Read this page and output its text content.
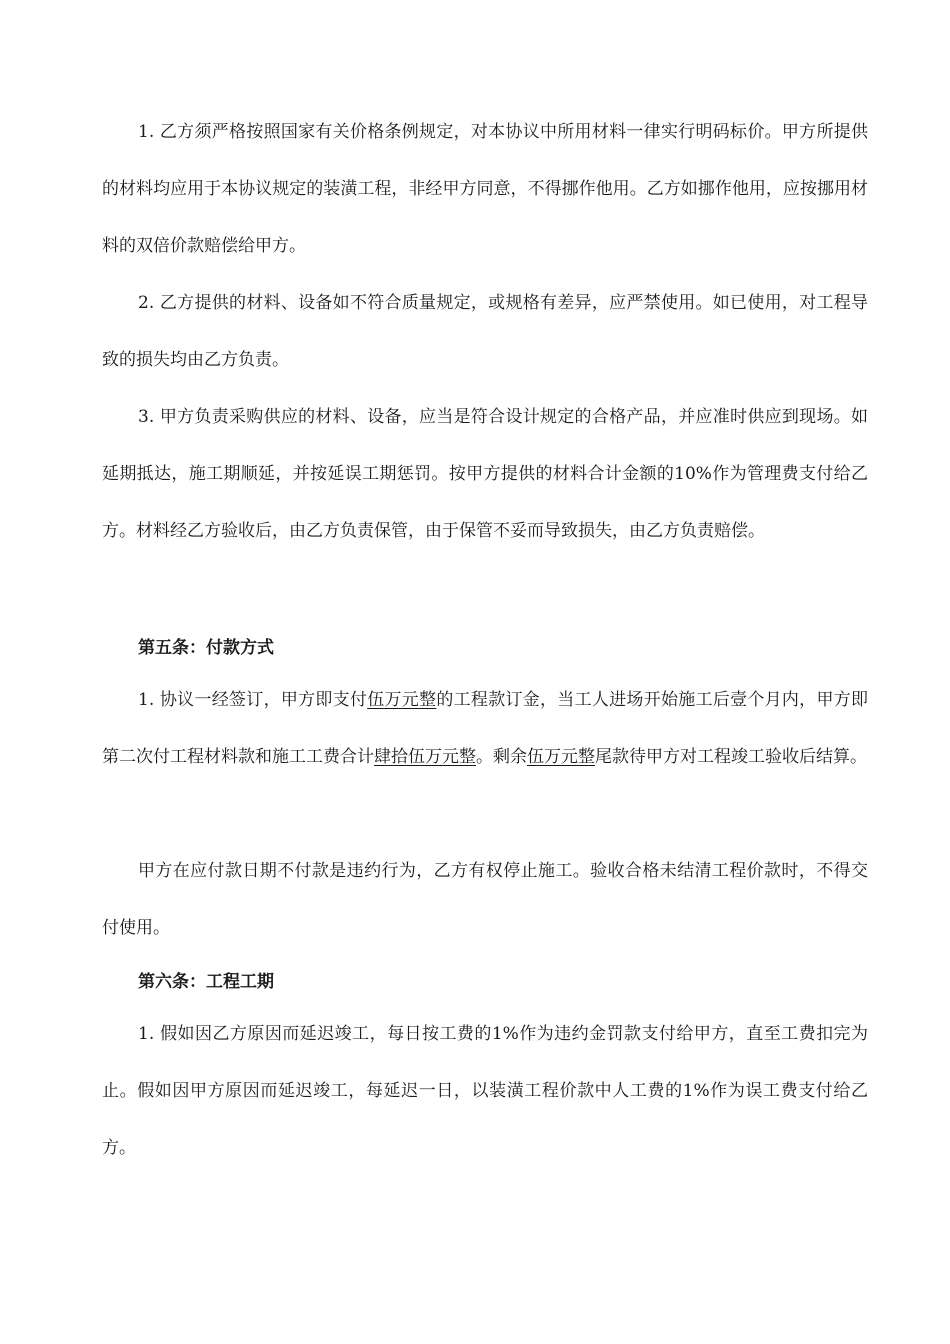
1. 乙方须严格按照国家有关价格条例规定，对本协议中所用材料一律实行明码标价。甲方所提供的材料均应用于本协议规定的装潢工程，非经甲方同意，不得挪作他用。乙方如挪作他用，应按挪用材料的双倍价款赔偿给甲方。

2. 乙方提供的材料、设备如不符合质量规定，或规格有差异，应严禁使用。如已使用，对工程导致的损失均由乙方负责。

3. 甲方负责采购供应的材料、设备，应当是符合设计规定的合格产品，并应准时供应到现场。如延期抵达，施工期顺延，并按延误工期惩罚。按甲方提供的材料合计金额的10%作为管理费支付给乙方。材料经乙方验收后，由乙方负责保管，由于保管不妥而导致损失，由乙方负责赔偿。

第五条：付款方式

1. 协议一经签订，甲方即支付伍万元整的工程款订金，当工人进场开始施工后壹个月内，甲方即第二次付工程材料款和施工工费合计肆拾伍万元整。剩余伍万元整尾款待甲方对工程竣工验收后结算。

甲方在应付款日期不付款是违约行为，乙方有权停止施工。验收合格未结清工程价款时，不得交付使用。

第六条：工程工期

1. 假如因乙方原因而延迟竣工，每日按工费的1%作为违约金罚款支付给甲方，直至工费扣完为止。假如因甲方原因而延迟竣工，每延迟一日，以装潢工程价款中人工费的1%作为误工费支付给乙方。
